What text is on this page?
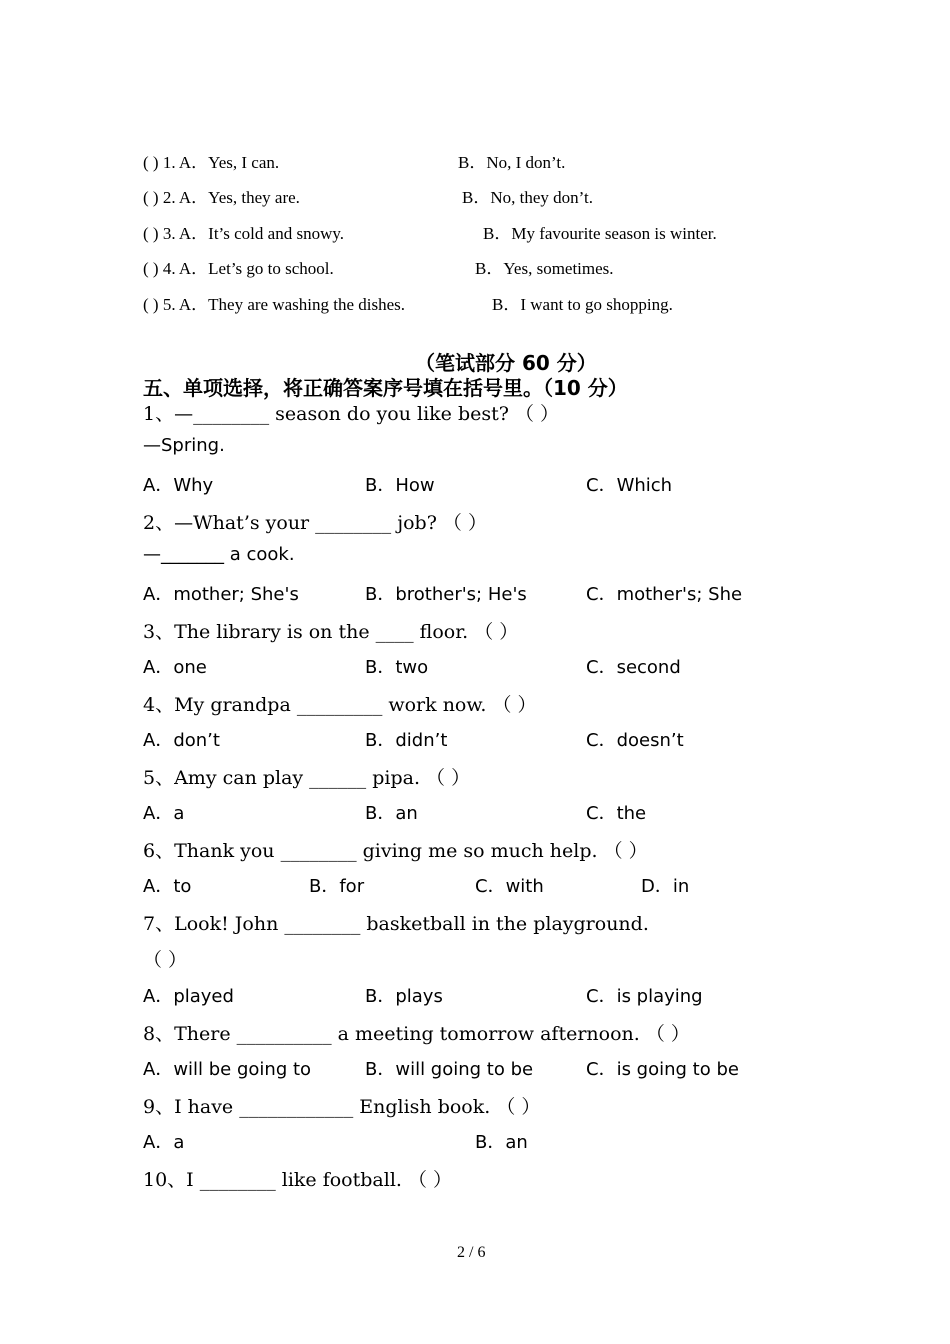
( ) 1. A．Yes, I can.	B．No, I don’t.
( ) 2. A．Yes, they are.	B．No, they don’t.
( ) 3. A．It’s cold and snowy.	B．My favourite season is winter.
( ) 4. A．Let’s go to school.	B．Yes, sometimes.
( ) 5. A．They are washing the dishes.	B．I want to go shopping.
（笔试部分 60 分）
五、单项选择，将正确答案序号填在括号里。（10 分）
1、—________ season do you like best? （ ）
—Spring.
A．Why	B．How	C．Which
2、—What’s your ________ job? （ ）
—_______ a cook.
A．mother; She's	B．brother's; He's	C．mother's; She
3、The library is on the ____ floor. （ ）
A．one	B．two	C．second
4、My grandpa _________ work now. （ ）
A．don’t	B．didn’t	C．doesn’t
5、Amy can play ______ pipa. （ ）
A．a	B．an	C．the
6、Thank you ________ giving me so much help. （ ）
A．to	B．for	C．with	D．in
7、Look! John ________ basketball in the playground.
（ ）
A．played	B．plays	C．is playing
8、There __________ a meeting tomorrow afternoon. （ ）
A．will be going to	B．will going to be	C．is going to be
9、I have ____________ English book. （ ）
A．a	B．an
10、I ________ like football. （ ）
2 / 6
